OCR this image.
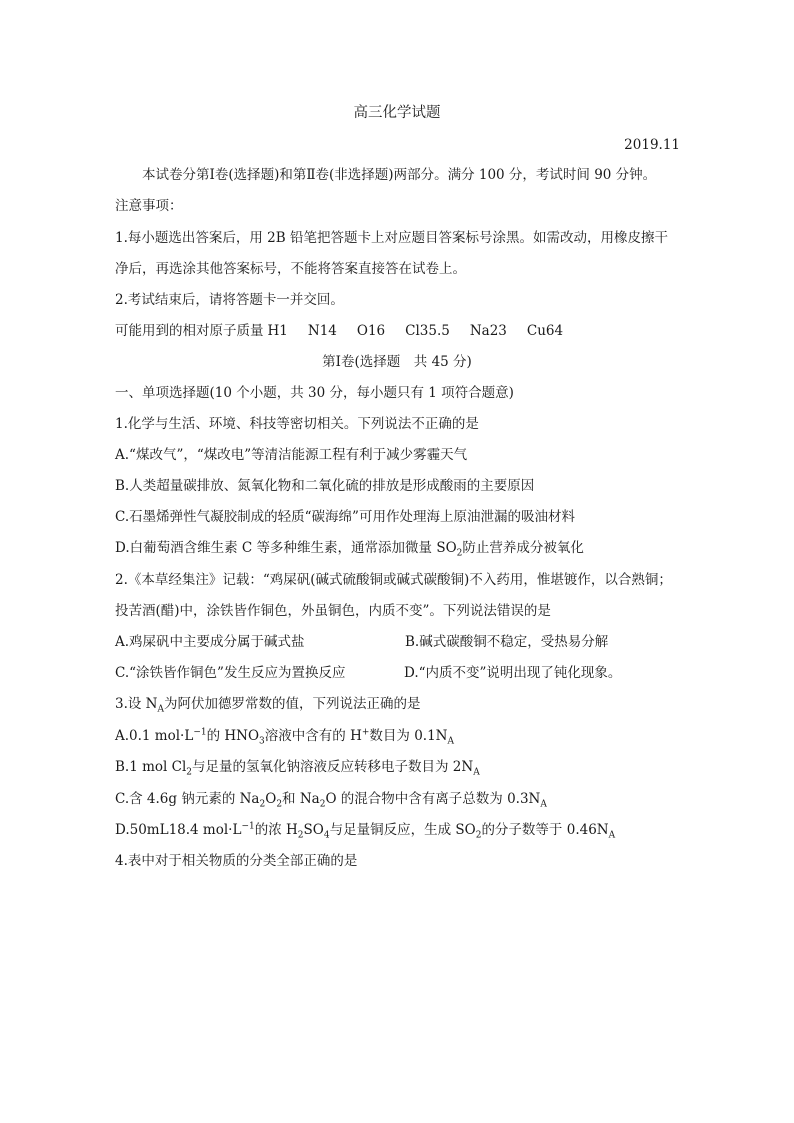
高三化学试题
2019.11
本试卷分第Ⅰ卷(选择题)和第Ⅱ卷(非选择题)两部分。满分 100 分，考试时间 90 分钟。
注意事项：
1.每小题选出答案后，用 2B 铅笔把答题卡上对应题目答案标号涂黑。如需改动，用橡皮擦干
净后，再选涂其他答案标号，不能将答案直接答在试卷上。
2.考试结束后，请将答题卡一并交回。
可能用到的相对原子质量 H1 N14 O16 Cl35.5 Na23 Cu64
第Ⅰ卷(选择题　共 45 分)
一、单项选择题(10 个小题，共 30 分，每小题只有 1 项符合题意)
1.化学与生活、环境、科技等密切相关。下列说法不正确的是
A.“煤改气”，“煤改电”等清洁能源工程有利于减少雾霾天气
B.人类超量碳排放、氮氧化物和二氧化硫的排放是形成酸雨的主要原因
C.石墨烯弹性气凝胶制成的轻质“碳海绵”可用作处理海上原油泄漏的吸油材料
D.白葡萄酒含维生素 C 等多种维生素，通常添加微量 $SO_2$防止营养成分被氧化
2.《本草经集注》记载：“鸡屎矾(碱式硫酸铜或碱式碳酸铜)不入药用，惟堪镀作，以合熟铜；
投苦酒(醋)中，涂铁皆作铜色，外虽铜色，内质不变”。下列说法错误的是
A.鸡屎矾中主要成分属于碱式盐	B.碱式碳酸铜不稳定，受热易分解
C.“涂铁皆作铜色”发生反应为置换反应	D.“内质不变”说明出现了钝化现象。
3.设 $N_A$为阿伏加德罗常数的值，下列说法正确的是
A.0.1 $mol\cdot L^{-1}$的 $HNO_3$溶液中含有的 H+数目为 $0.1N_A$
B.1 mol $Cl_2$与足量的氢氧化钠溶液反应转移电子数目为 $2N_A$
C.含 4.6g 钠元素的 $Na_2O_2$和 $Na_2O$ 的混合物中含有离子总数为 $0.3N_A$
D.50mL18.4 $mol\cdot L^{-1}$的浓 $H_2SO_4$与足量铜反应，生成 $SO_2$的分子数等于 $0.46N_A$
4.表中对于相关物质的分类全部正确的是
